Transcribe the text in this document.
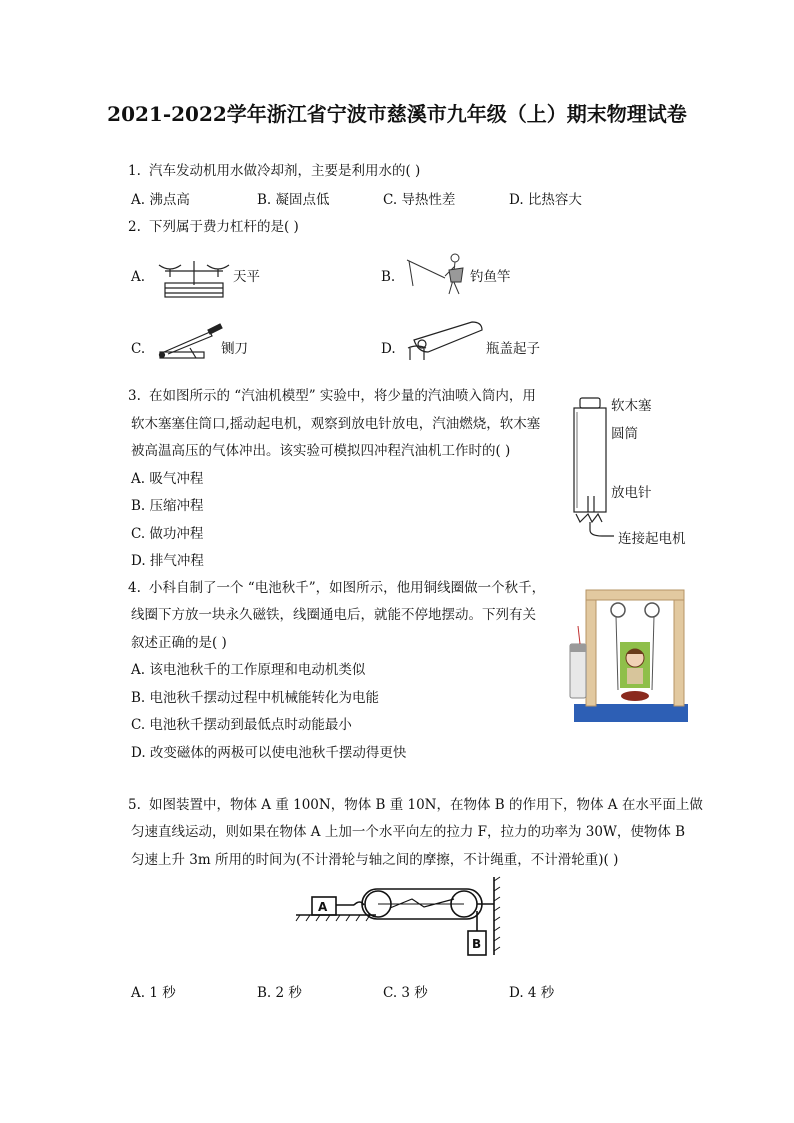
2021-2022学年浙江省宁波市慈溪市九年级（上）期末物理试卷
1. 汽车发动机用水做冷却剂，主要是利用水的( )
A. 沸点高	B. 凝固点低	C. 导热性差	D. 比热容大
2. 下列属于费力杠杆的是( )
A.	天平	B.	钓鱼竿
C.	铡刀	D.	瓶盖起子
3. 在如图所示的 “汽油机模型” 实验中，将少量的汽油喷入筒内，用
软木塞塞住筒口,摇动起电机，观察到放电针放电，汽油燃烧，软木塞
被高温高压的气体冲出。该实验可模拟四冲程汽油机工作时的( )
A. 吸气冲程
B. 压缩冲程
C. 做功冲程
D. 排气冲程
软木塞
圆筒
放电针
连接起电机
4. 小科自制了一个 “电池秋千”，如图所示，他用铜线圈做一个秋千，
线圈下方放一块永久磁铁，线圈通电后，就能不停地摆动。下列有关
叙述正确的是( )
A. 该电池秋千的工作原理和电动机类似
B. 电池秋千摆动过程中机械能转化为电能
C. 电池秋千摆动到最低点时动能最小
D. 改变磁体的两极可以使电池秋千摆动得更快
5. 如图装置中，物体 A 重 100N，物体 B 重 10N，在物体 B 的作用下，物体 A 在水平面上做
匀速直线运动，则如果在物体 A 上加一个水平向左的拉力 F，拉力的功率为 30W，使物体 B
匀速上升 3m 所用的时间为(不计滑轮与轴之间的摩擦，不计绳重，不计滑轮重)( )
A
B
A. 1 秒	B. 2 秒	C. 3 秒	D. 4 秒
